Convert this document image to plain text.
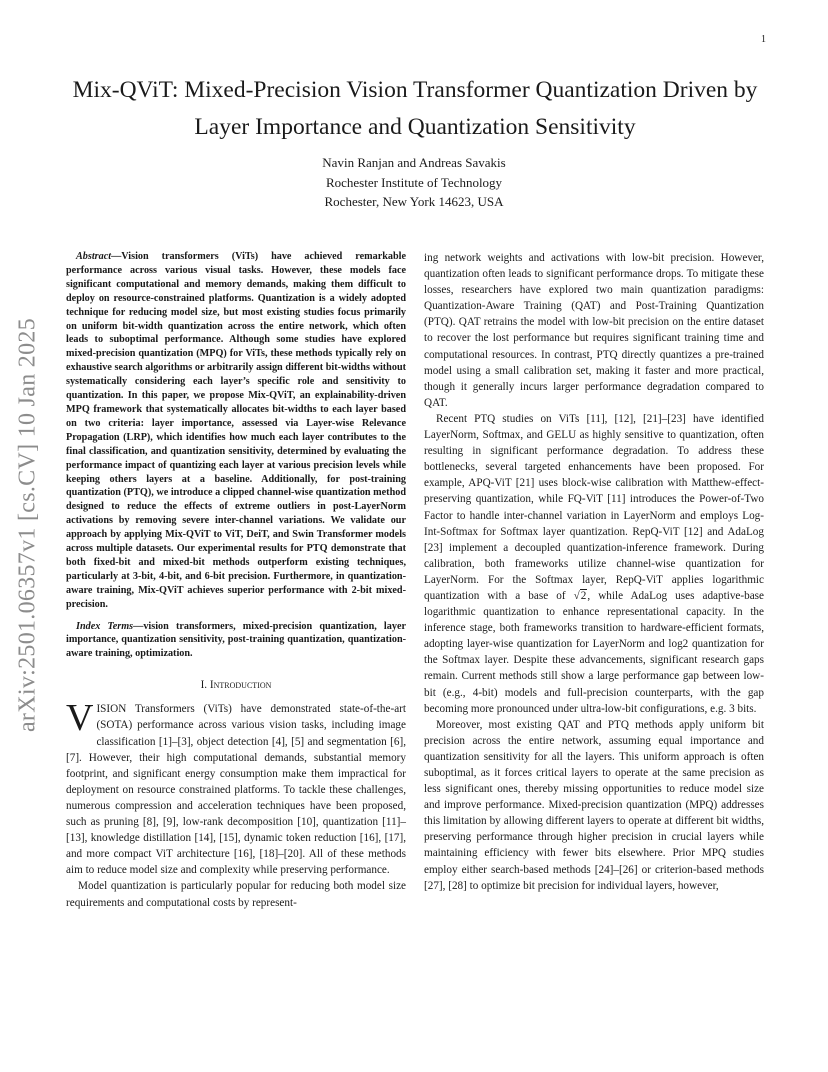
1
arXiv:2501.06357v1 [cs.CV] 10 Jan 2025
Mix-QViT: Mixed-Precision Vision Transformer Quantization Driven by Layer Importance and Quantization Sensitivity
Navin Ranjan and Andreas Savakis
Rochester Institute of Technology
Rochester, New York 14623, USA

Abstract—Vision transformers (ViTs) have achieved remarkable performance across various visual tasks. However, these models face significant computational and memory demands, making them difficult to deploy on resource-constrained platforms. Quantization is a widely adopted technique for reducing model size, but most existing studies focus primarily on uniform bit-width quantization across the entire network, which often leads to suboptimal performance. Although some studies have explored mixed-precision quantization (MPQ) for ViTs, these methods typically rely on exhaustive search algorithms or arbitrarily assign different bit-widths without systematically considering each layer’s specific role and sensitivity to quantization. In this paper, we propose Mix-QViT, an explainability-driven MPQ framework that systematically allocates bit-widths to each layer based on two criteria: layer importance, assessed via Layer-wise Relevance Propagation (LRP), which identifies how much each layer contributes to the final classification, and quantization sensitivity, determined by evaluating the performance impact of quantizing each layer at various precision levels while keeping others layers at a baseline. Additionally, for post-training quantization (PTQ), we introduce a clipped channel-wise quantization method designed to reduce the effects of extreme outliers in post-LayerNorm activations by removing severe inter-channel variations. We validate our approach by applying Mix-QViT to ViT, DeiT, and Swin Transformer models across multiple datasets. Our experimental results for PTQ demonstrate that both fixed-bit and mixed-bit methods outperform existing techniques, particularly at 3-bit, 4-bit, and 6-bit precision. Furthermore, in quantization-aware training, Mix-QViT achieves superior performance with 2-bit mixed-precision.

Index Terms—vision transformers, mixed-precision quantization, layer importance, quantization sensitivity, post-training quantization, quantization-aware training, optimization.

I. Introduction

VISION Transformers (ViTs) have demonstrated state-of-the-art (SOTA) performance across various vision tasks, including image classification [1]–[3], object detection [4], [5] and segmentation [6], [7]. However, their high computational demands, substantial memory footprint, and significant energy consumption make them impractical for deployment on resource constrained platforms. To tackle these challenges, numerous compression and acceleration techniques have been proposed, such as pruning [8], [9], low-rank decomposition [10], quantization [11]–[13], knowledge distillation [14], [15], dynamic token reduction [16], [17], and more compact ViT architecture [16], [18]–[20]. All of these methods aim to reduce model size and complexity while preserving performance.

Model quantization is particularly popular for reducing both model size requirements and computational costs by represent-

ing network weights and activations with low-bit precision. However, quantization often leads to significant performance drops. To mitigate these losses, researchers have explored two main quantization paradigms: Quantization-Aware Training (QAT) and Post-Training Quantization (PTQ). QAT retrains the model with low-bit precision on the entire dataset to recover the lost performance but requires significant training time and computational resources. In contrast, PTQ directly quantizes a pre-trained model using a small calibration set, making it faster and more practical, though it generally incurs larger performance degradation compared to QAT.

Recent PTQ studies on ViTs [11], [12], [21]–[23] have identified LayerNorm, Softmax, and GELU as highly sensitive to quantization, often resulting in significant performance degradation. To address these bottlenecks, several targeted enhancements have been proposed. For example, APQ-ViT [21] uses block-wise calibration with Matthew-effect-preserving quantization, while FQ-ViT [11] introduces the Power-of-Two Factor to handle inter-channel variation in LayerNorm and employs Log-Int-Softmax for Softmax layer quantization. RepQ-ViT [12] and AdaLog [23] implement a decoupled quantization-inference framework. During calibration, both frameworks utilize channel-wise quantization for LayerNorm. For the Softmax layer, RepQ-ViT applies logarithmic quantization with a base of √2, while AdaLog uses adaptive-base logarithmic quantization to enhance representational capacity. In the inference stage, both frameworks transition to hardware-efficient formats, adopting layer-wise quantization for LayerNorm and log2 quantization for the Softmax layer. Despite these advancements, significant research gaps remain. Current methods still show a large performance gap between low-bit (e.g., 4-bit) models and full-precision counterparts, with the gap becoming more pronounced under ultra-low-bit configurations, e.g. 3 bits.

Moreover, most existing QAT and PTQ methods apply uniform bit precision across the entire network, assuming equal importance and quantization sensitivity for all the layers. This uniform approach is often suboptimal, as it forces critical layers to operate at the same precision as less significant ones, thereby missing opportunities to reduce model size and improve performance. Mixed-precision quantization (MPQ) addresses this limitation by allowing different layers to operate at different bit widths, preserving performance through higher precision in crucial layers while maintaining efficiency with fewer bits elsewhere. Prior MPQ studies employ either search-based methods [24]–[26] or criterion-based methods [27], [28] to optimize bit precision for individual layers, however,
